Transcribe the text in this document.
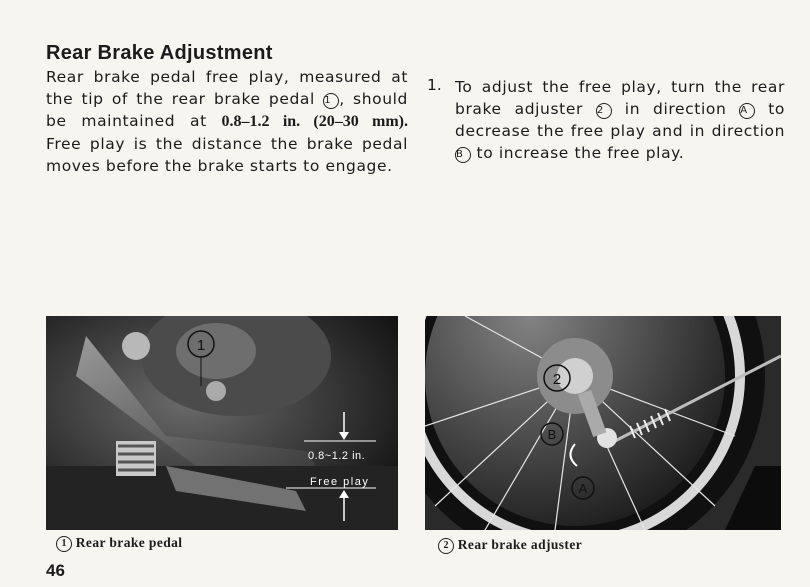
Rear Brake Adjustment
Rear brake pedal free play, measured at
the tip of the rear brake pedal 1 , should
be maintained at 0.8–1.2 in. (20–30 mm).
Free play is the distance the brake pedal
moves before the brake starts to engage.
1. To adjust the free play, turn the rear
brake adjuster 2 in direction A to
decrease the free play and in direction
B to increase the free play.
1
0.8~1.2 in.
Free play
2
B
A
1 Rear brake pedal	2 Rear brake adjuster
46
